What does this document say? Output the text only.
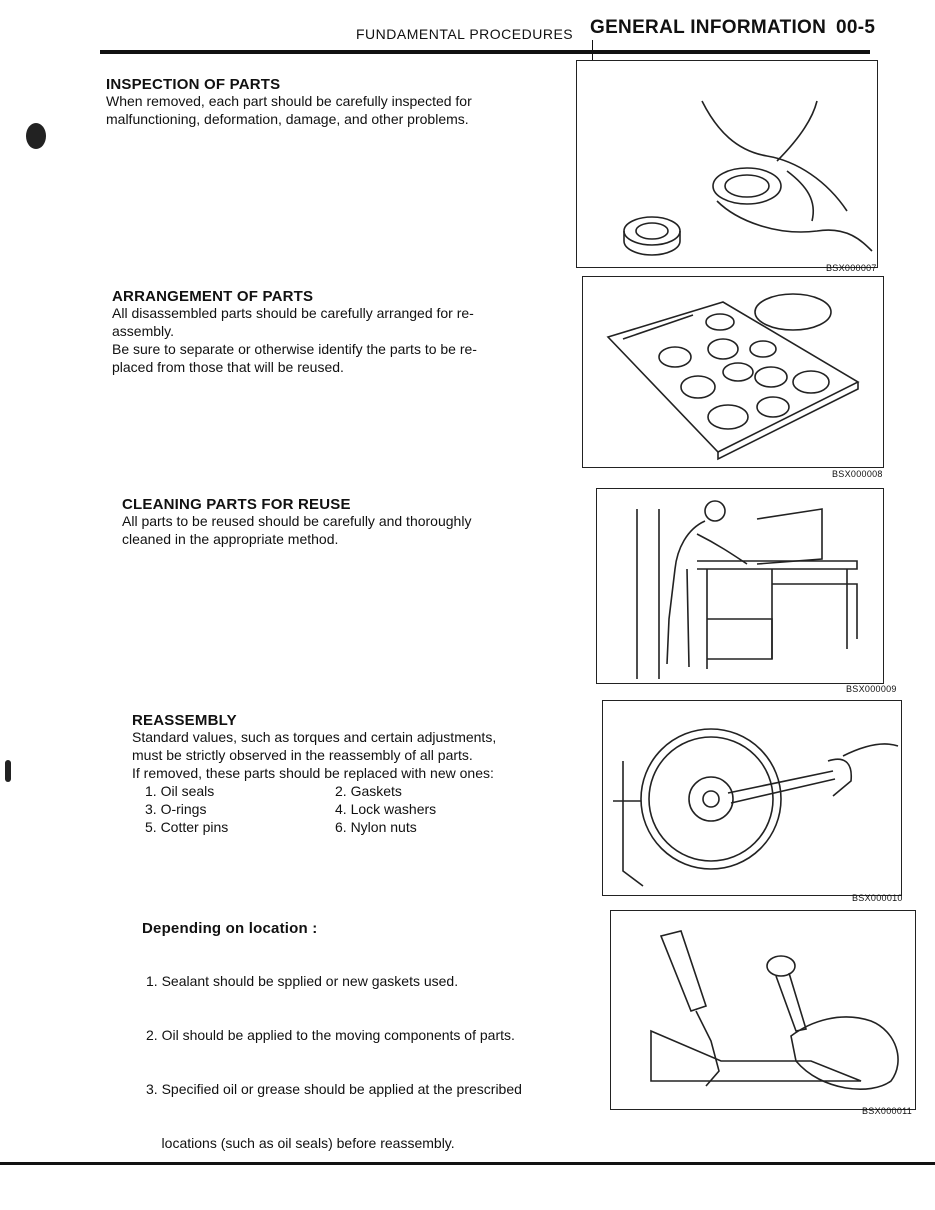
FUNDAMENTAL PROCEDURES GENERAL INFORMATION 00-5
INSPECTION OF PARTS
When removed, each part should be carefully inspected for
malfunctioning, deformation, damage, and other problems.
BSX000007
ARRANGEMENT OF PARTS
All disassembled parts should be carefully arranged for re-
assembly.
Be sure to separate or otherwise identify the parts to be re-
placed from those that will be reused.
BSX000008
CLEANING PARTS FOR REUSE
All parts to be reused should be carefully and thoroughly
cleaned in the appropriate method.
BSX000009
REASSEMBLY
Standard values, such as torques and certain adjustments,
must be strictly observed in the reassembly of all parts.
If removed, these parts should be replaced with new ones:
1. Oil seals	2. Gaskets
3. O-rings	4. Lock washers
5. Cotter pins	6. Nylon nuts
BSX000010
Depending on location :

1. Sealant should be spplied or new gaskets used.

2. Oil should be applied to the moving components of parts.

3. Specified oil or grease should be applied at the prescribed

locations (such as oil seals) before reassembly.

BSX000011
